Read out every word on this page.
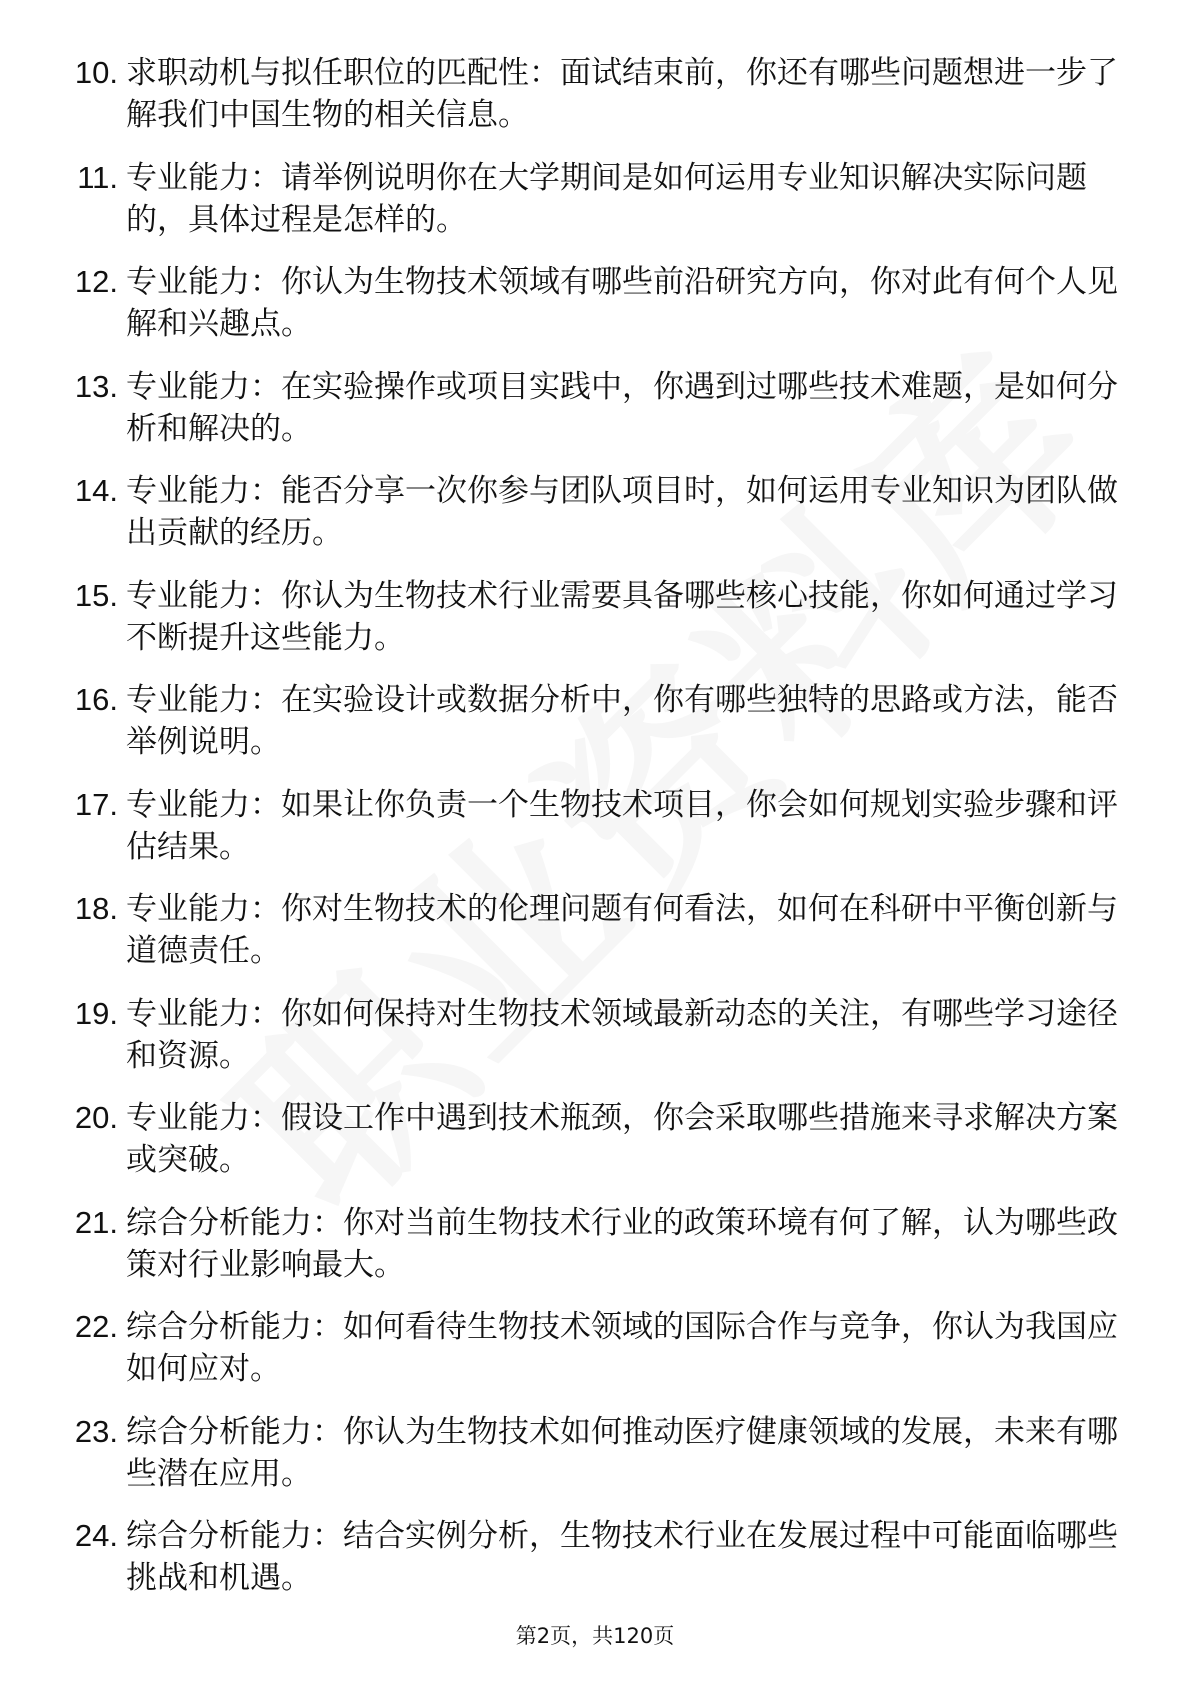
10. 求职动机与拟任职位的匹配性：面试结束前，你还有哪些问题想进一步了解我们中国生物的相关信息。
11. 专业能力：请举例说明你在大学期间是如何运用专业知识解决实际问题的，具体过程是怎样的。
12. 专业能力：你认为生物技术领域有哪些前沿研究方向，你对此有何个人见解和兴趣点。
13. 专业能力：在实验操作或项目实践中，你遇到过哪些技术难题，是如何分析和解决的。
14. 专业能力：能否分享一次你参与团队项目时，如何运用专业知识为团队做出贡献的经历。
15. 专业能力：你认为生物技术行业需要具备哪些核心技能，你如何通过学习不断提升这些能力。
16. 专业能力：在实验设计或数据分析中，你有哪些独特的思路或方法，能否举例说明。
17. 专业能力：如果让你负责一个生物技术项目，你会如何规划实验步骤和评估结果。
18. 专业能力：你对生物技术的伦理问题有何看法，如何在科研中平衡创新与道德责任。
19. 专业能力：你如何保持对生物技术领域最新动态的关注，有哪些学习途径和资源。
20. 专业能力：假设工作中遇到技术瓶颈，你会采取哪些措施来寻求解决方案或突破。
21. 综合分析能力：你对当前生物技术行业的政策环境有何了解，认为哪些政策对行业影响最大。
22. 综合分析能力：如何看待生物技术领域的国际合作与竞争，你认为我国应如何应对。
23. 综合分析能力：你认为生物技术如何推动医疗健康领域的发展，未来有哪些潜在应用。
24. 综合分析能力：结合实例分析，生物技术行业在发展过程中可能面临哪些挑战和机遇。
第2页，共120页
